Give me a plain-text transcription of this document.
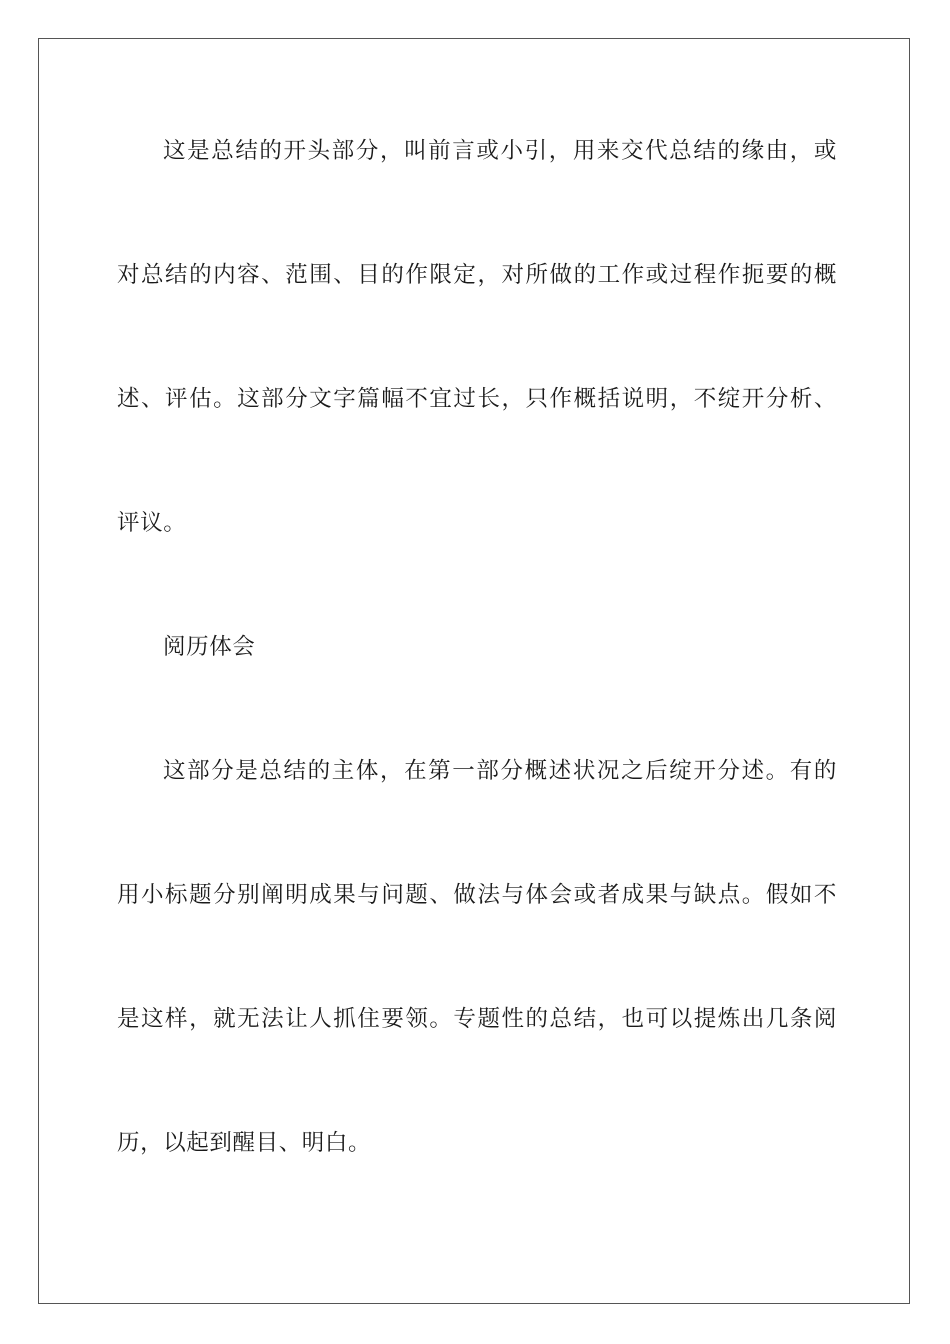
这是总结的开头部分，叫前言或小引，用来交代总结的缘由，或
对总结的内容、范围、目的作限定，对所做的工作或过程作扼要的概
述、评估。这部分文字篇幅不宜过长，只作概括说明，不绽开分析、
评议。
阅历体会
这部分是总结的主体，在第一部分概述状况之后绽开分述。有的
用小标题分别阐明成果与问题、做法与体会或者成果与缺点。假如不
是这样，就无法让人抓住要领。专题性的总结，也可以提炼出几条阅
历，以起到醒目、明白。
